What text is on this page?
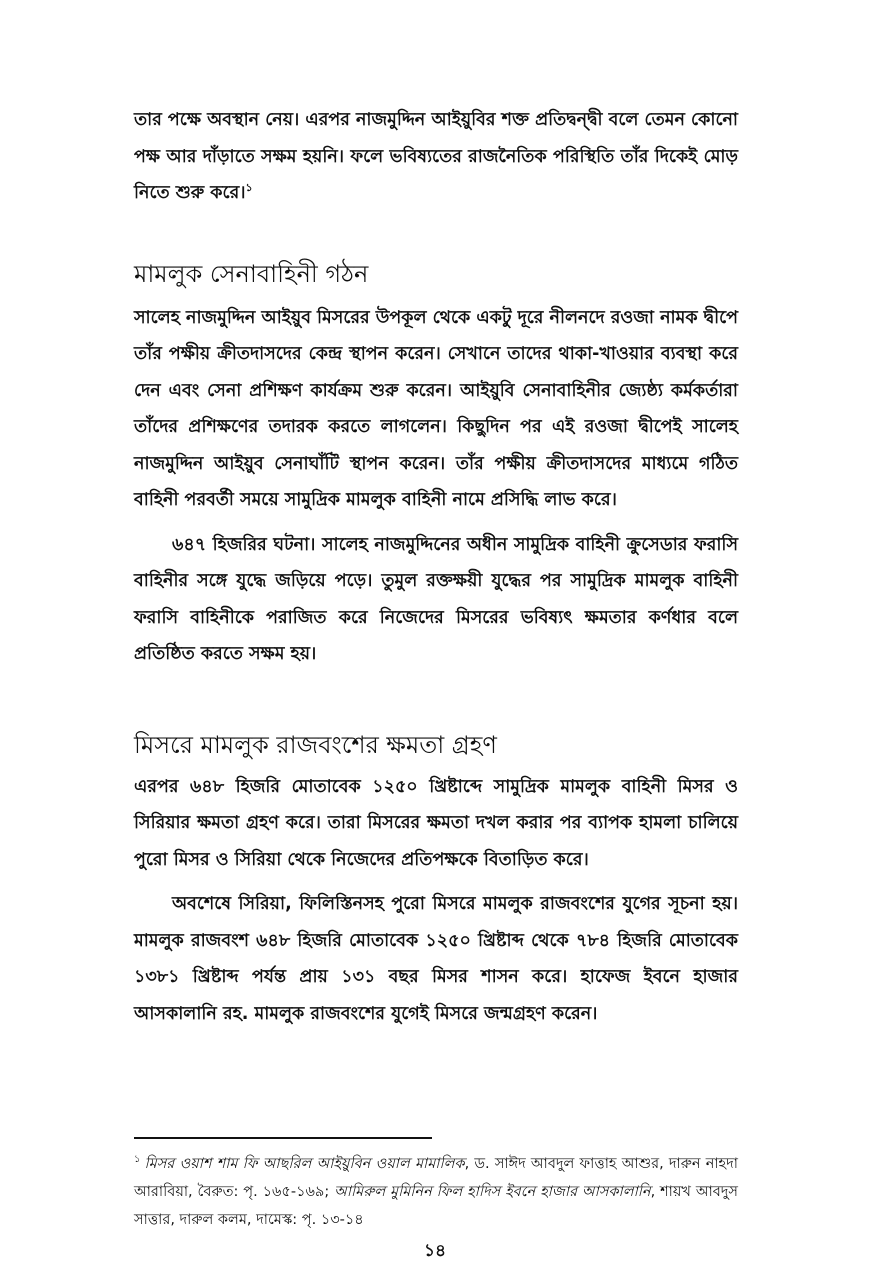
তার পক্ষে অবস্থান নেয়। এরপর নাজমুদ্দিন আইয়ুবির শক্ত প্রতিদ্বন্দ্বী বলে তেমন কোনো পক্ষ আর দাঁড়াতে সক্ষম হয়নি। ফলে ভবিষ্যতের রাজনৈতিক পরিস্থিতি তাঁর দিকেই মোড় নিতে শুরু করে।$^১$

মামলুক সেনাবাহিনী গঠন

সালেহ নাজমুদ্দিন আইয়ুব মিসরের উপকূল থেকে একটু দূরে নীলনদে রওজা নামক দ্বীপে তাঁর পক্ষীয় ক্রীতদাসদের কেন্দ্র স্থাপন করেন। সেখানে তাদের থাকা-খাওয়ার ব্যবস্থা করে দেন এবং সেনা প্রশিক্ষণ কার্যক্রম শুরু করেন। আইয়ুবি সেনাবাহিনীর জ্যেষ্ঠ্য কর্মকর্তারা তাঁদের প্রশিক্ষণের তদারক করতে লাগলেন। কিছুদিন পর এই রওজা দ্বীপেই সালেহ নাজমুদ্দিন আইয়ুব সেনাঘাঁটি স্থাপন করেন। তাঁর পক্ষীয় ক্রীতদাসদের মাধ্যমে গঠিত বাহিনী পরবর্তী সময়ে সামুদ্রিক মামলুক বাহিনী নামে প্রসিদ্ধি লাভ করে।

৬৪৭ হিজরির ঘটনা। সালেহ নাজমুদ্দিনের অধীন সামুদ্রিক বাহিনী ক্রুসেডার ফরাসি বাহিনীর সঙ্গে যুদ্ধে জড়িয়ে পড়ে। তুমুল রক্তক্ষয়ী যুদ্ধের পর সামুদ্রিক মামলুক বাহিনী ফরাসি বাহিনীকে পরাজিত করে নিজেদের মিসরের ভবিষ্যৎ ক্ষমতার কর্ণধার বলে প্রতিষ্ঠিত করতে সক্ষম হয়।

মিসরে মামলুক রাজবংশের ক্ষমতা গ্রহণ

এরপর ৬৪৮ হিজরি মোতাবেক ১২৫০ খ্রিষ্টাব্দে সামুদ্রিক মামলুক বাহিনী মিসর ও সিরিয়ার ক্ষমতা গ্রহণ করে। তারা মিসরের ক্ষমতা দখল করার পর ব্যাপক হামলা চালিয়ে পুরো মিসর ও সিরিয়া থেকে নিজেদের প্রতিপক্ষকে বিতাড়িত করে।

অবশেষে সিরিয়া, ফিলিস্তিনসহ পুরো মিসরে মামলুক রাজবংশের যুগের সূচনা হয়। মামলুক রাজবংশ ৬৪৮ হিজরি মোতাবেক ১২৫০ খ্রিষ্টাব্দ থেকে ৭৮৪ হিজরি মোতাবেক ১৩৮১ খ্রিষ্টাব্দ পর্যন্ত প্রায় ১৩১ বছর মিসর শাসন করে। হাফেজ ইবনে হাজার আসকালানি রহ. মামলুক রাজবংশের যুগেই মিসরে জন্মগ্রহণ করেন।

$^১$ মিসর ওয়াশ শাম ফি আছরিল আইয়ুবিন ওয়াল মামালিক, ড. সাঈদ আবদুল ফাত্তাহ আশুর, দারুন নাহদা আরাবিয়া, বৈরুত: পৃ. ১৬৫-১৬৯; আমিরুল মুমিনিন ফিল হাদিস ইবনে হাজার আসকালানি, শায়খ আবদুস সাত্তার, দারুল কলম, দামেস্ক: পৃ. ১৩-১৪
১৪
